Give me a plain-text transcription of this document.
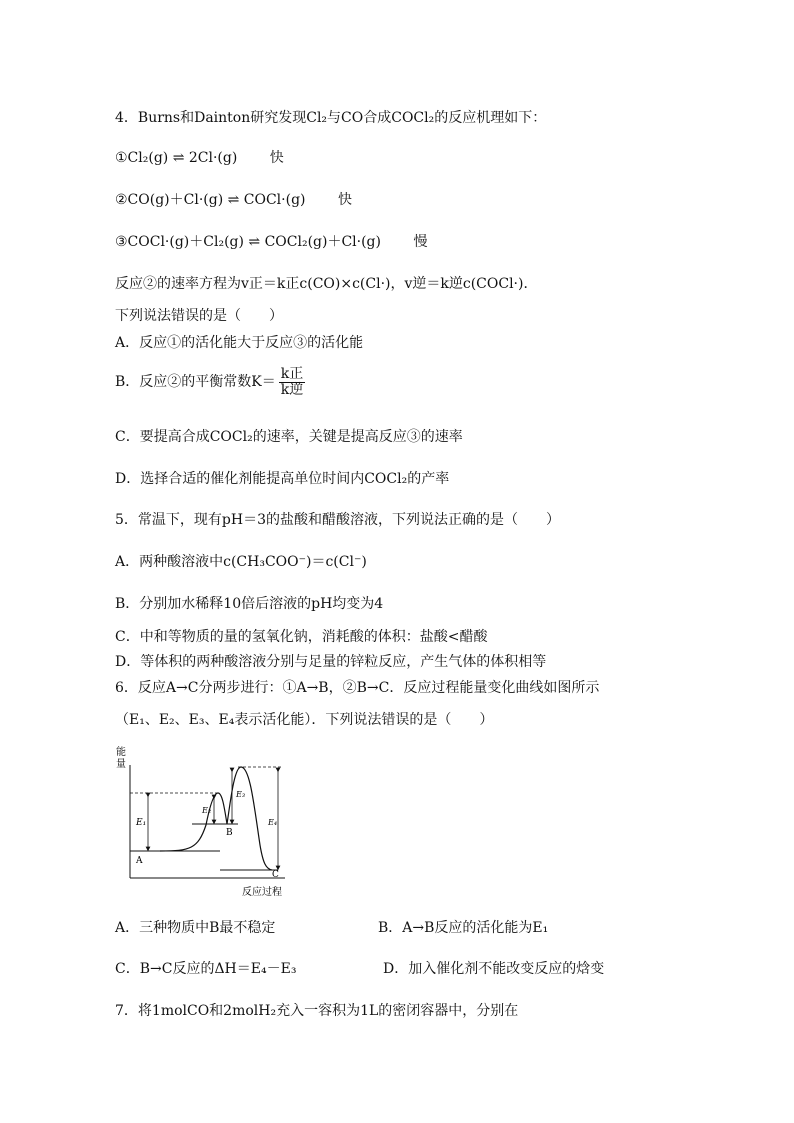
4．Burns和Dainton研究发现Cl₂与CO合成COCl₂的反应机理如下：
①Cl₂(g) ⇌ 2Cl·(g) 快
②CO(g)＋Cl·(g) ⇌ COCl·(g) 快
③COCl·(g)＋Cl₂(g) ⇌ COCl₂(g)＋Cl·(g) 慢
反应②的速率方程为v正＝k正c(CO)×c(Cl·)，v逆＝k逆c(COCl·)．
下列说法错误的是（　　）
A．反应①的活化能大于反应③的活化能
B．反应②的平衡常数$K= \frac{\text{k正}}{\text{k逆}}$
C．要提高合成COCl₂的速率，关键是提高反应③的速率
D．选择合适的催化剂能提高单位时间内COCl₂的产率
5．常温下，现有pH＝3的盐酸和醋酸溶液，下列说法正确的是（　　）
A．两种酸溶液中c(CH₃COO⁻)＝c(Cl⁻)
B．分别加水稀释10倍后溶液的pH均变为4
C．中和等物质的量的氢氧化钠，消耗酸的体积：盐酸<醋酸
D．等体积的两种酸溶液分别与足量的锌粒反应，产生气体的体积相等
6．反应A→C分两步进行：①A→B，②B→C．反应过程能量变化曲线如图所示
（E₁、E₂、E₃、E₄表示活化能）．下列说法错误的是（　　）
能
量
反应过程
E₁
E₂
E₃
E₄
A
B
C
A．三种物质中B最不稳定	B．A→B反应的活化能为E₁
C．B→C反应的ΔH＝E₄－E₃	D．加入催化剂不能改变反应的焓变
7．将1molCO和2molH₂充入一容积为1L的密闭容器中，分别在
